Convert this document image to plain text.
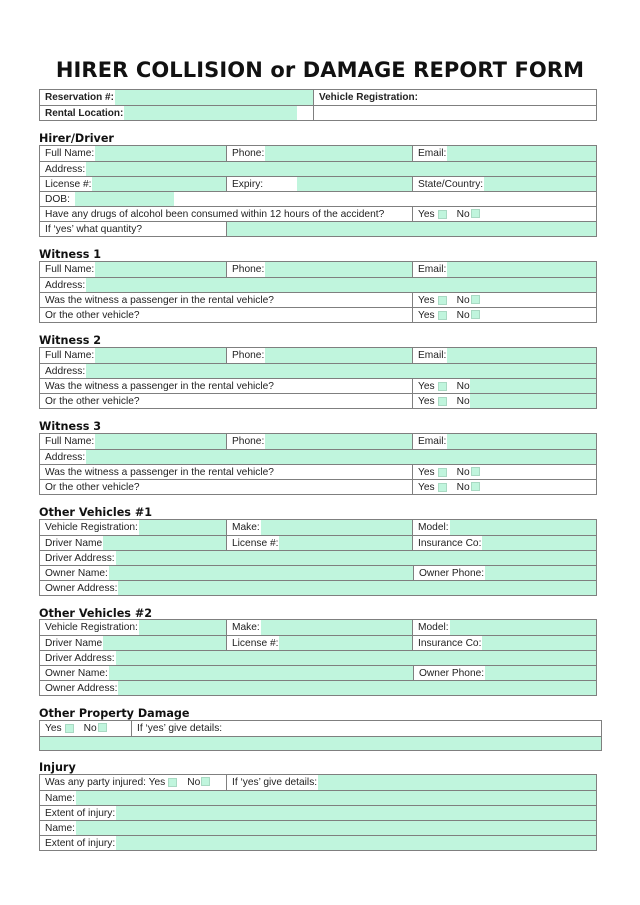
HIRER COLLISION or DAMAGE REPORT FORM
Reservation #:	Vehicle Registration:
Rental Location:
Hirer/Driver
Full Name:	Phone:	Email:
Address:
License #:	Expiry:	State/Country:
DOB:
Have any drugs of alcohol been consumed within 12 hours of the accident?	Yes No
If ‘yes’ what quantity?
Witness 1
Full Name:	Phone:	Email:
Address:
Was the witness a passenger in the rental vehicle?	Yes No
Or the other vehicle?	Yes No
Witness 2
Full Name:	Phone:	Email:
Address:
Was the witness a passenger in the rental vehicle?	Yes No
Or the other vehicle?	Yes No
Witness 3
Full Name:	Phone:	Email:
Address:
Was the witness a passenger in the rental vehicle?	Yes No
Or the other vehicle?	Yes No
Other Vehicles #1
Vehicle Registration:	Make:	Model:
Driver Name	License #:	Insurance Co:
Driver Address:
Owner Name:	Owner Phone:
Owner Address:
Other Vehicles #2
Vehicle Registration:	Make:	Model:
Driver Name	License #:	Insurance Co:
Driver Address:
Owner Name:	Owner Phone:
Owner Address:
Other Property Damage
Yes No	If ‘yes’ give details:
Injury
Was any party injured: Yes No	If ‘yes’ give details:
Name:
Extent of injury:
Name:
Extent of injury:
